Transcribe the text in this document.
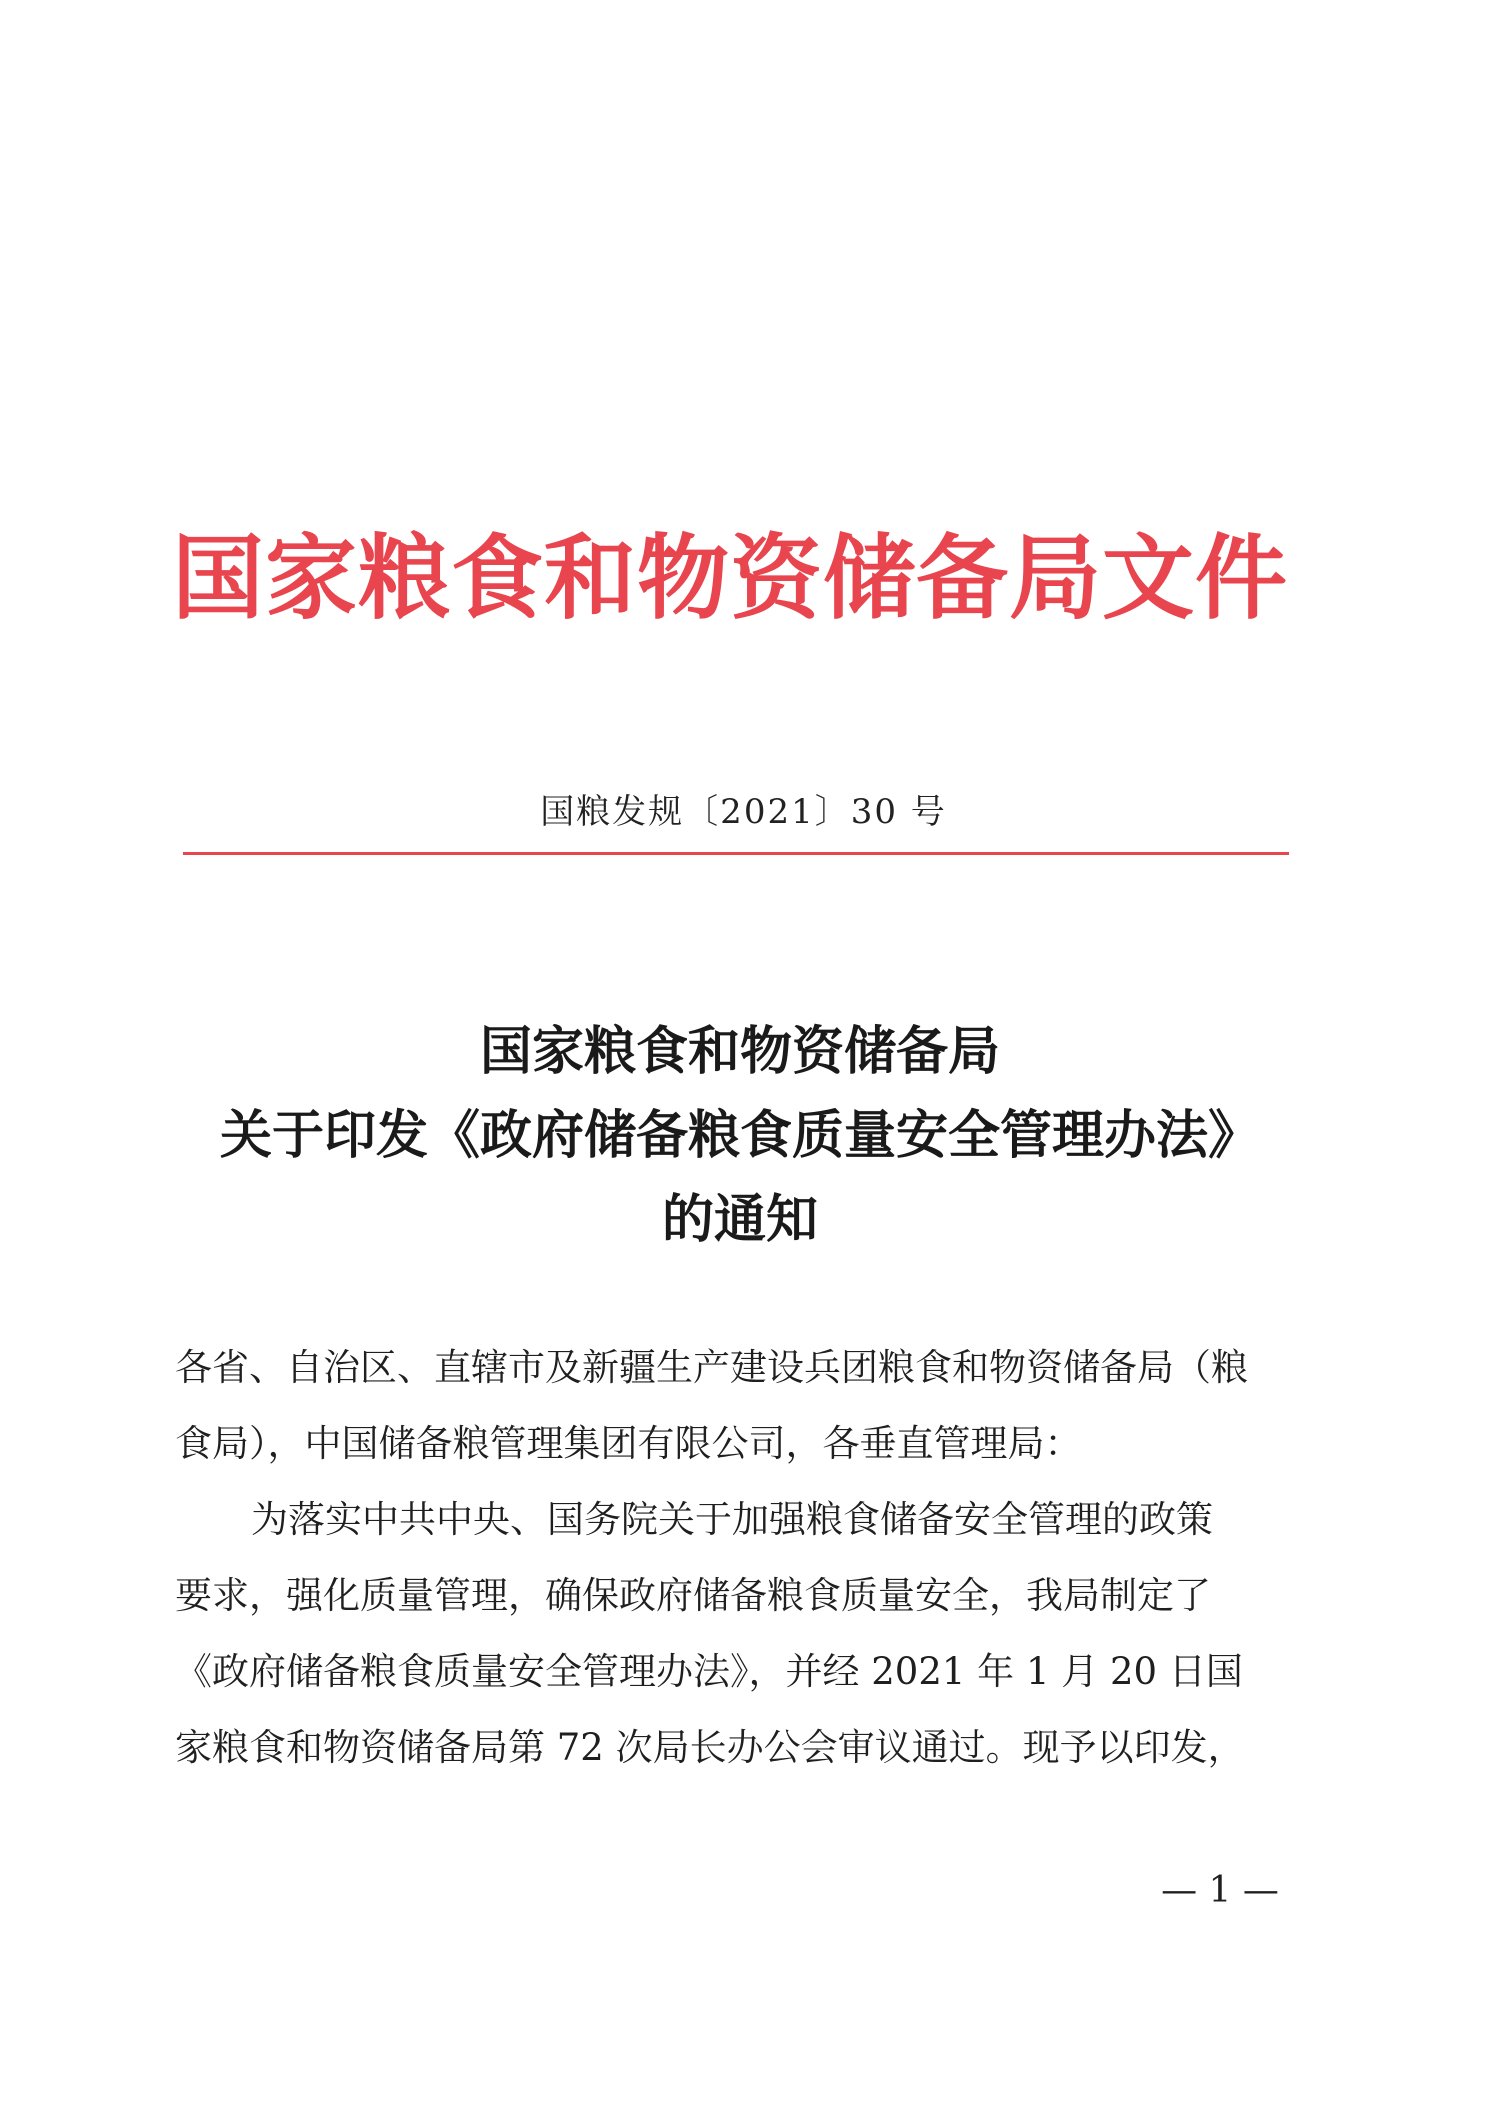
国家粮食和物资储备局文件
国粮发规〔2021〕30 号
国家粮食和物资储备局
关于印发《政府储备粮食质量安全管理办法》
的通知

各省、自治区、直辖市及新疆生产建设兵团粮食和物资储备局（粮
食局），中国储备粮管理集团有限公司，各垂直管理局：

为落实中共中央、国务院关于加强粮食储备安全管理的政策
要求，强化质量管理，确保政府储备粮食质量安全，我局制定了
《政府储备粮食质量安全管理办法》，并经 2021 年 1 月 20 日国
家粮食和物资储备局第 72 次局长办公会审议通过。现予以印发，

— 1 —
